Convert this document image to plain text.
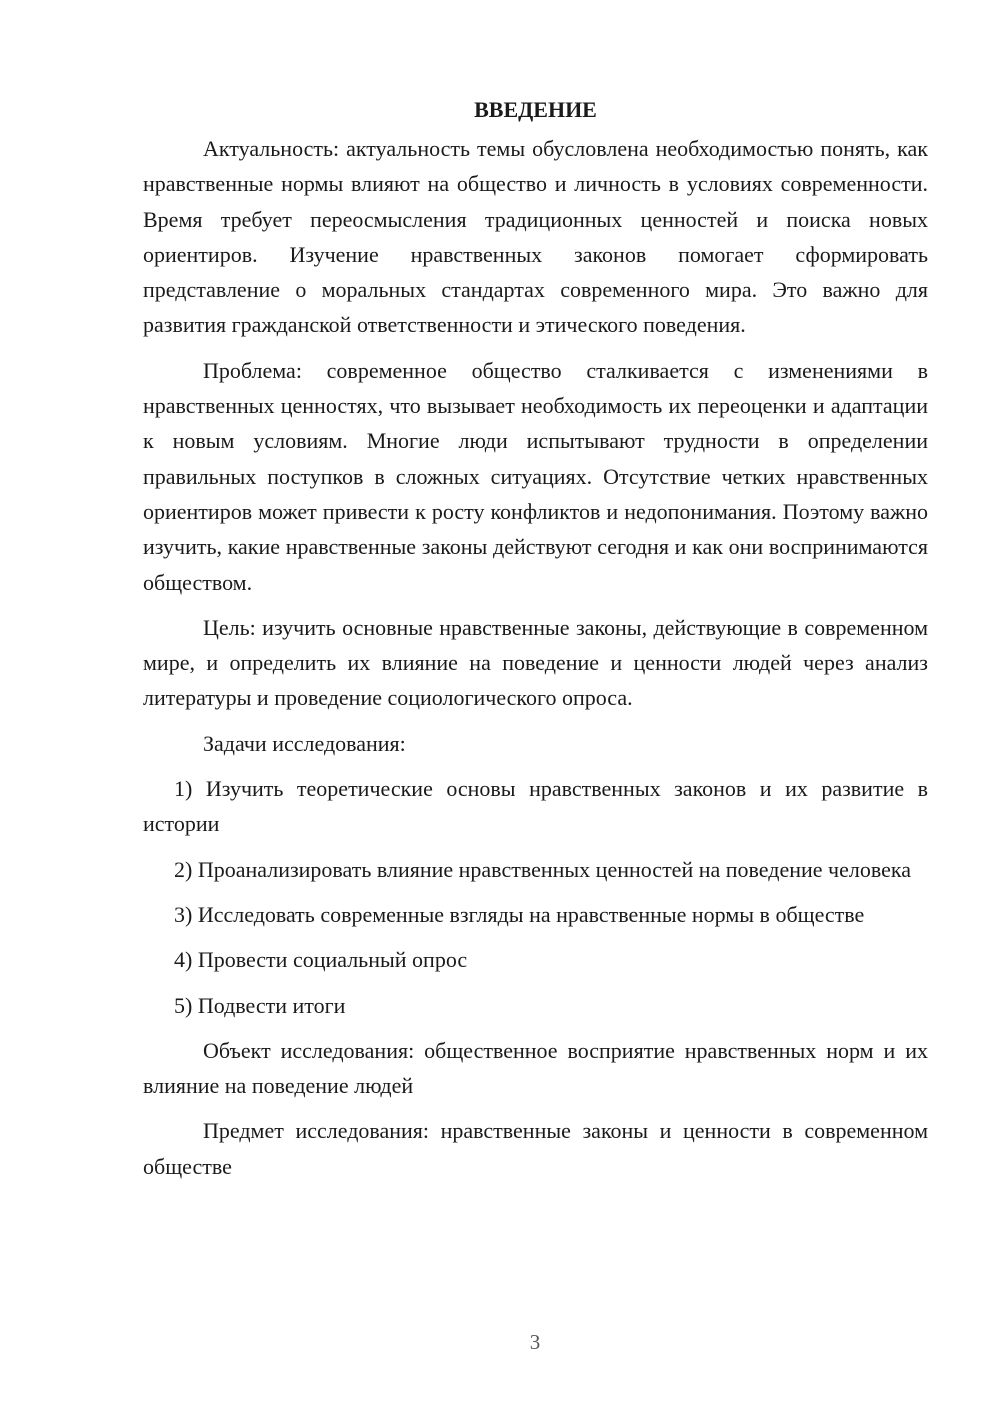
ВВЕДЕНИЕ

Актуальность: актуальность темы обусловлена необходимостью понять, как нравственные нормы влияют на общество и личность в условиях современности. Время требует переосмысления традиционных ценностей и поиска новых ориентиров. Изучение нравственных законов помогает сформировать представление о моральных стандартах современного мира. Это важно для развития гражданской ответственности и этического поведения.

Проблема: современное общество сталкивается с изменениями в нравственных ценностях, что вызывает необходимость их переоценки и адаптации к новым условиям. Многие люди испытывают трудности в определении правильных поступков в сложных ситуациях. Отсутствие четких нравственных ориентиров может привести к росту конфликтов и недопонимания. Поэтому важно изучить, какие нравственные законы действуют сегодня и как они воспринимаются обществом.

Цель: изучить основные нравственные законы, действующие в современном мире, и определить их влияние на поведение и ценности людей через анализ литературы и проведение социологического опроса.

Задачи исследования:

1) Изучить теоретические основы нравственных законов и их развитие в истории

2) Проанализировать влияние нравственных ценностей на поведение человека

3) Исследовать современные взгляды на нравственные нормы в обществе

4) Провести социальный опрос

5) Подвести итоги

Объект исследования: общественное восприятие нравственных норм и их влияние на поведение людей

Предмет исследования: нравственные законы и ценности в современном обществе

3
